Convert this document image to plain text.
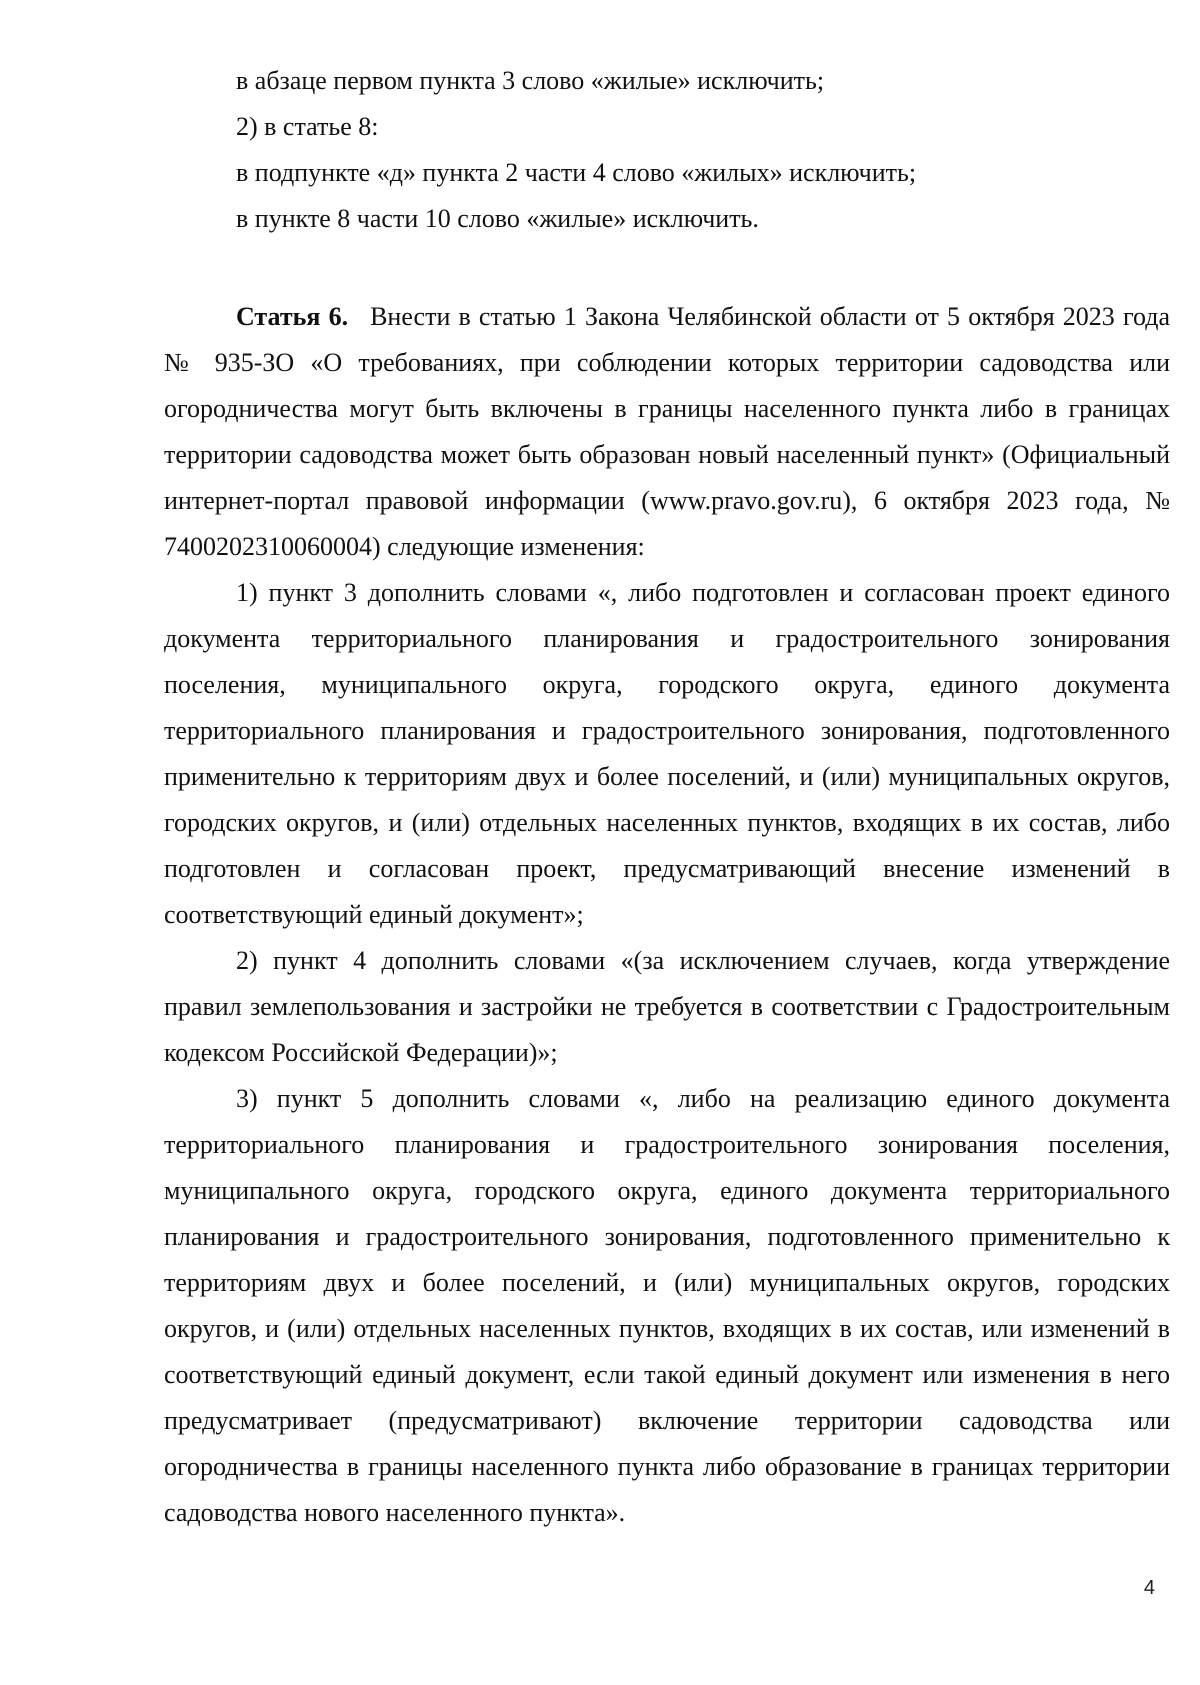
в абзаце первом пункта 3 слово «жилые» исключить;

2) в статье 8:

в подпункте «д» пункта 2 части 4 слово «жилых» исключить;

в пункте 8 части 10 слово «жилые» исключить.

Статья 6. Внести в статью 1 Закона Челябинской области от 5 октября 2023 года № 935-ЗО «О требованиях, при соблюдении которых территории садоводства или огородничества могут быть включены в границы населенного пункта либо в границах территории садоводства может быть образован новый населенный пункт» (Официальный интернет-портал правовой информации (www.pravo.gov.ru), 6 октября 2023 года, № 7400202310060004) следующие изменения:

1) пункт 3 дополнить словами «, либо подготовлен и согласован проект единого документа территориального планирования и градостроительного зонирования поселения, муниципального округа, городского округа, единого документа территориального планирования и градостроительного зонирования, подготовленного применительно к территориям двух и более поселений, и (или) муниципальных округов, городских округов, и (или) отдельных населенных пунктов, входящих в их состав, либо подготовлен и согласован проект, предусматривающий внесение изменений в соответствующий единый документ»;

2) пункт 4 дополнить словами «(за исключением случаев, когда утверждение правил землепользования и застройки не требуется в соответствии с Градостроительным кодексом Российской Федерации)»;

3) пункт 5 дополнить словами «, либо на реализацию единого документа территориального планирования и градостроительного зонирования поселения, муниципального округа, городского округа, единого документа территориального планирования и градостроительного зонирования, подготовленного применительно к территориям двух и более поселений, и (или) муниципальных округов, городских округов, и (или) отдельных населенных пунктов, входящих в их состав, или изменений в соответствующий единый документ, если такой единый документ или изменения в него предусматривает (предусматривают) включение территории садоводства или огородничества в границы населенного пункта либо образование в границах территории садоводства нового населенного пункта».

4
